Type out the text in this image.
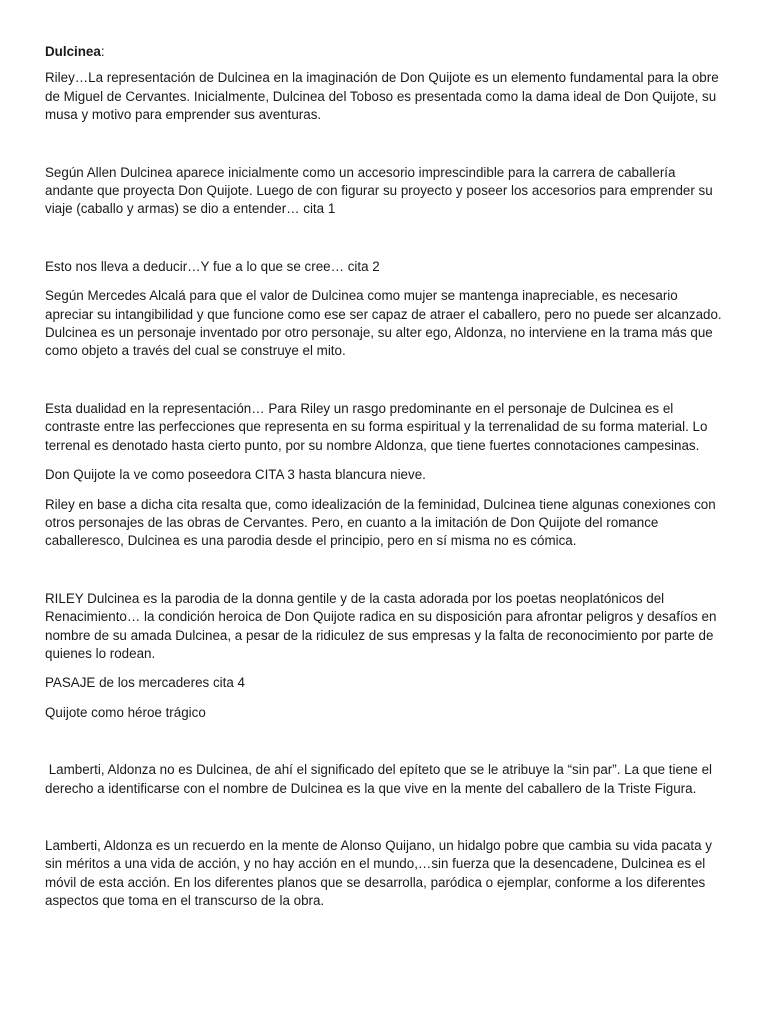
Dulcinea:

Riley…La representación de Dulcinea en la imaginación de Don Quijote es un elemento fundamental para la obre de Miguel de Cervantes. Inicialmente, Dulcinea del Toboso es presentada como la dama ideal de Don Quijote, su musa y motivo para emprender sus aventuras.

Según Allen Dulcinea aparece inicialmente como un accesorio imprescindible para la carrera de caballería andante que proyecta Don Quijote. Luego de con figurar su proyecto y poseer los accesorios para emprender su viaje (caballo y armas) se dio a entender… cita 1

Esto nos lleva a deducir…Y fue a lo que se cree… cita 2

Según Mercedes Alcalá para que el valor de Dulcinea como mujer se mantenga inapreciable, es necesario apreciar su intangibilidad y que funcione como ese ser capaz de atraer el caballero, pero no puede ser alcanzado. Dulcinea es un personaje inventado por otro personaje, su alter ego, Aldonza, no interviene en la trama más que como objeto a través del cual se construye el mito.

Esta dualidad en la representación… Para Riley un rasgo predominante en el personaje de Dulcinea es el contraste entre las perfecciones que representa en su forma espiritual y la terrenalidad de su forma material. Lo terrenal es denotado hasta cierto punto, por su nombre Aldonza, que tiene fuertes connotaciones campesinas.

Don Quijote la ve como poseedora CITA 3 hasta blancura nieve.

Riley en base a dicha cita resalta que, como idealización de la feminidad, Dulcinea tiene algunas conexiones con otros personajes de las obras de Cervantes. Pero, en cuanto a la imitación de Don Quijote del romance caballeresco, Dulcinea es una parodia desde el principio, pero en sí misma no es cómica.

RILEY Dulcinea es la parodia de la donna gentile y de la casta adorada por los poetas neoplatónicos del Renacimiento… la condición heroica de Don Quijote radica en su disposición para afrontar peligros y desafíos en nombre de su amada Dulcinea, a pesar de la ridiculez de sus empresas y la falta de reconocimiento por parte de quienes lo rodean.

PASAJE de los mercaderes cita 4

Quijote como héroe trágico

Lamberti, Aldonza no es Dulcinea, de ahí el significado del epíteto que se le atribuye la “sin par”. La que tiene el derecho a identificarse con el nombre de Dulcinea es la que vive en la mente del caballero de la Triste Figura.

Lamberti, Aldonza es un recuerdo en la mente de Alonso Quijano, un hidalgo pobre que cambia su vida pacata y sin méritos a una vida de acción, y no hay acción en el mundo,…sin fuerza que la desencadene, Dulcinea es el móvil de esta acción. En los diferentes planos que se desarrolla, paródica o ejemplar, conforme a los diferentes aspectos que toma en el transcurso de la obra.
